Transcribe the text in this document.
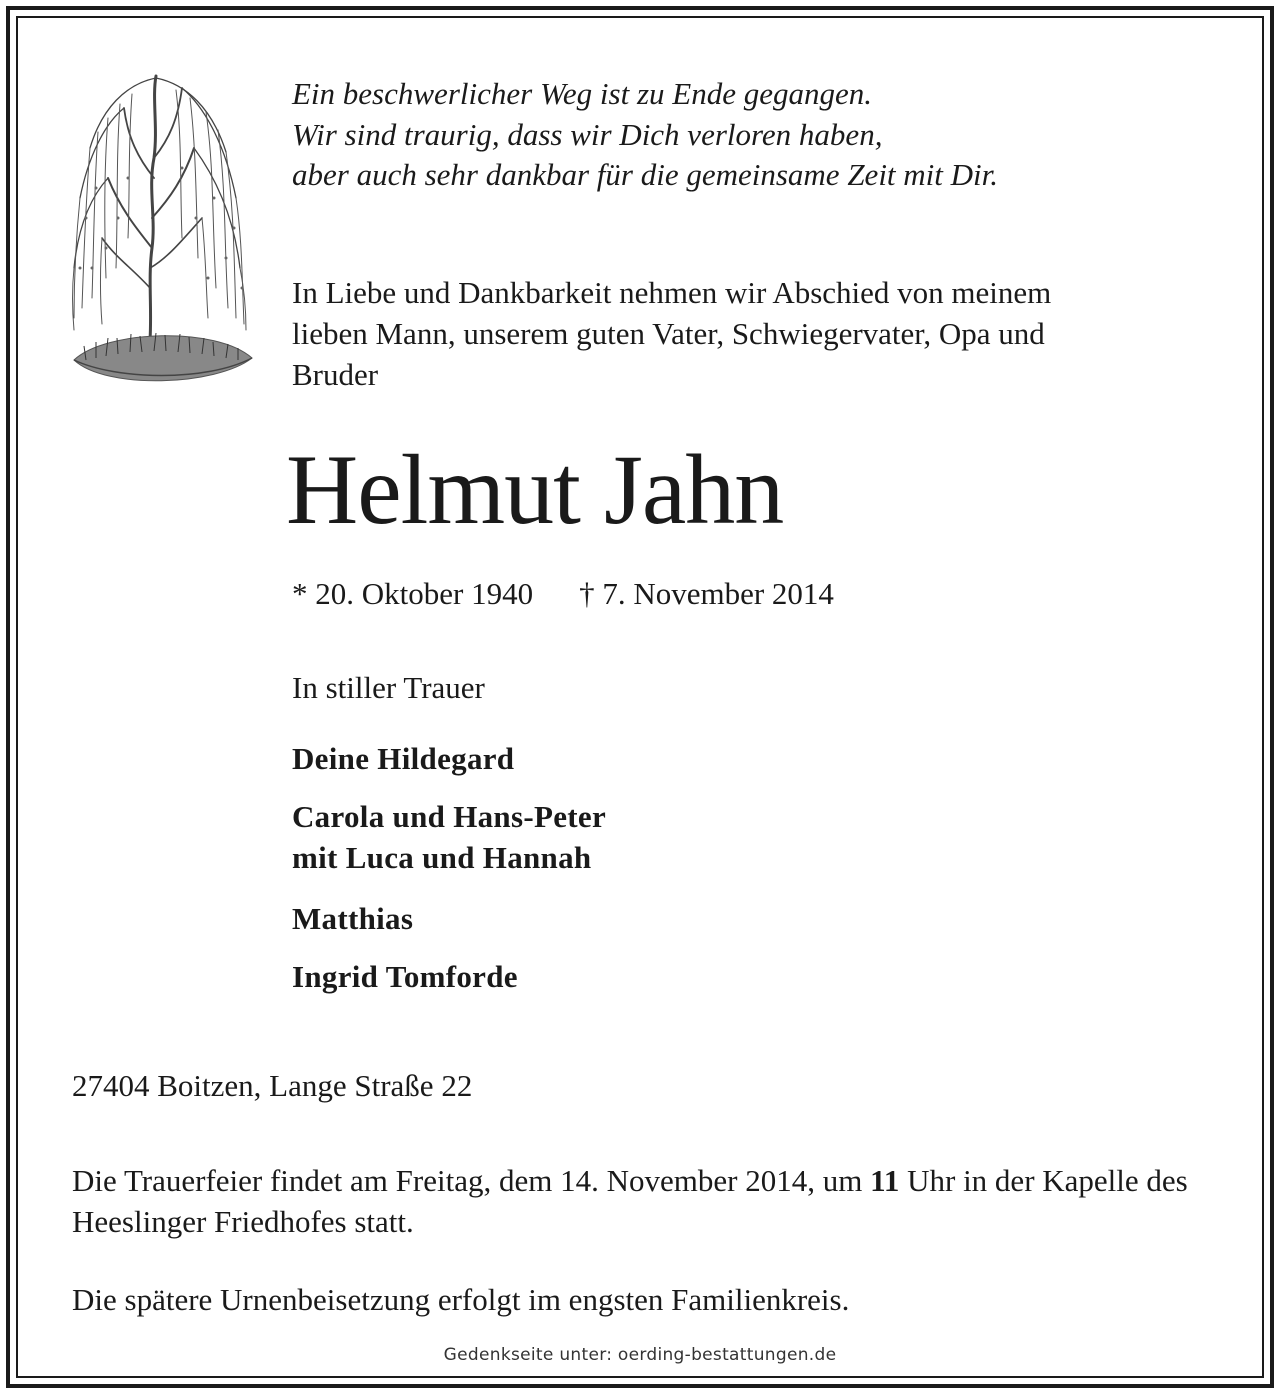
Ein beschwerlicher Weg ist zu Ende gegangen.
Wir sind traurig, dass wir Dich verloren haben,
aber auch sehr dankbar für die gemeinsame Zeit mit Dir.

In Liebe und Dankbarkeit nehmen wir Abschied von meinem
lieben Mann, unserem guten Vater, Schwiegervater, Opa und
Bruder

Helmut Jahn
* 20. Oktober 1940 † 7. November 2014

In stiller Trauer

Deine Hildegard

Carola und Hans-Peter
mit Luca und Hannah

Matthias

Ingrid Tomforde

27404 Boitzen, Lange Straße 22

Die Trauerfeier findet am Freitag, dem 14. November 2014, um 11 Uhr in der Kapelle des Heeslinger Friedhofes statt.

Die spätere Urnenbeisetzung erfolgt im engsten Familienkreis.

Gedenkseite unter: oerding-bestattungen.de
